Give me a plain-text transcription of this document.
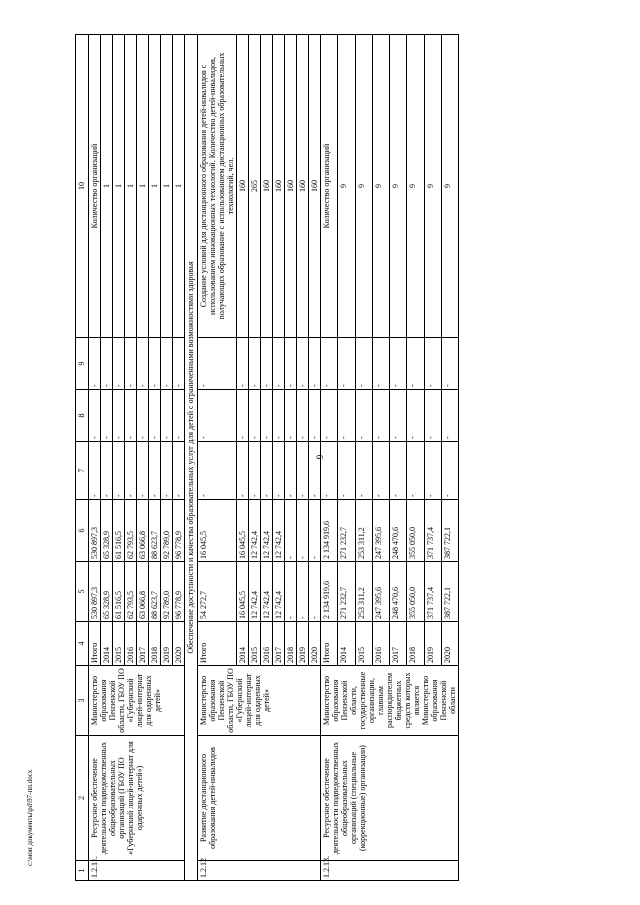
9
c:\мои документы\pd\97-пп.docx
1	2	3	4	5	6	7	8	9	10
1.2.11.	Ресурсное обеспечение деятельности подведомственных общеобразовательных организаций (ГБОУ ПО «Губернский лицей-интернат для одаренных детей»)	Министерство образования Пензенской области, ГБОУ ПО «Губернский лицей-интернат для одаренных детей»	Итого	530 897,3	530 897,3	-	-	-	Количество организаций
			2014	65 328,9	65 328,9	-	-	-	1
			2015	61 516,5	61 516,5	-	-	-	1
			2016	62 793,5	62 793,5	-	-	-	1
			2017	63 066,8	63 066,8	-	-	-	1
			2018	88 623,7	88 623,7	-	-	-	1
			2019	92 789,0	92 789,0	-	-	-	1
			2020	96 778,9	96 778,9	-	-	-	1
Обеспечение доступности и качества образовательных услуг для детей с ограниченными возможностями здоровья									
1.2.12	Развитие дистанционного образования детей-инвалидов	Министерство образования Пензенской области, ГБОУ ПО «Губернский лицей-интернат для одаренных детей»	Итого	54 272,7	16 045,5	-	-	-	Создание условий для дистанционного образования детей-инвалидов с использованием инновационных технологий. Количество детей-инвалидов, получающих образование с использованием дистанционных образовательных технологий, чел.
			2014	16 045,5	16 045,5	-	-	-	160
			2015	12 742,4	12 742,4	-	-	-	265
			2016	12 742,4	12 742,4	-	-	-	160
			2017	12 742,4	12 742,4	-	-	-	160
			2018	-	-	-	-	-	160
			2019	-	-	-	-	-	160
			2020	-	-	-	-	-	160
1.2.13.	Ресурсное обеспечение деятельности подведомственных общеобразовательных организаций (специальные (коррекционные) организации)	Министерство образования Пензенской области, государственные организации, главным распорядителем бюджетных средств которых является Министерство образования Пензенской области	Итого	2 134 919,6	2 134 919,6	-	-	-	Количество организаций
			2014	271 232,7	271 232,7	-	-	-	9
			2015	253 311,2	253 311,2	-	-	-	9
			2016	247 395,6	247 395,6	-	-	-	9
			2017	248 470,6	248 470,6	-	-	-	9
			2018	355 050,0	355 050,0	-	-	-	9
			2019	371 737,4	371 737,4	-	-	-	9
			2020	387 722,1	387 722,1	-	-	-	9
